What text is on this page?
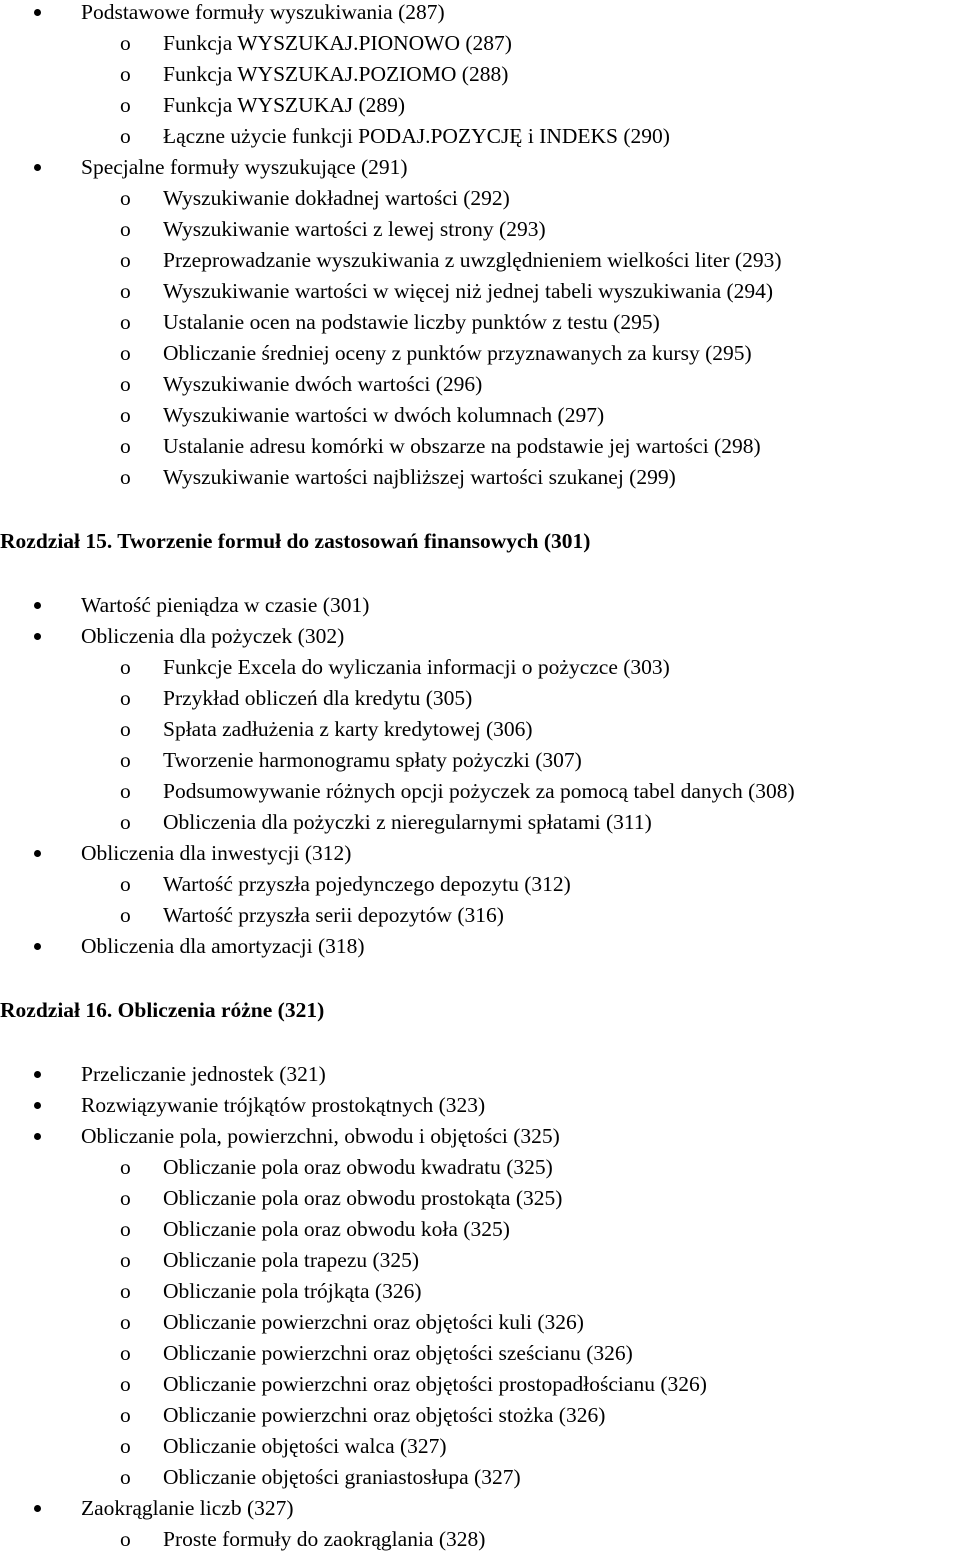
Podstawowe formuły wyszukiwania (287)
o Funkcja WYSZUKAJ.PIONOWO (287)
o Funkcja WYSZUKAJ.POZIOMO (288)
o Funkcja WYSZUKAJ (289)
o Łączne użycie funkcji PODAJ.POZYCJĘ i INDEKS (290)
Specjalne formuły wyszukujące (291)
o Wyszukiwanie dokładnej wartości (292)
o Wyszukiwanie wartości z lewej strony (293)
o Przeprowadzanie wyszukiwania z uwzględnieniem wielkości liter (293)
o Wyszukiwanie wartości w więcej niż jednej tabeli wyszukiwania (294)
o Ustalanie ocen na podstawie liczby punktów z testu (295)
o Obliczanie średniej oceny z punktów przyznawanych za kursy (295)
o Wyszukiwanie dwóch wartości (296)
o Wyszukiwanie wartości w dwóch kolumnach (297)
o Ustalanie adresu komórki w obszarze na podstawie jej wartości (298)
o Wyszukiwanie wartości najbliższej wartości szukanej (299)
Rozdział 15. Tworzenie formuł do zastosowań finansowych (301)
Wartość pieniądza w czasie (301)
Obliczenia dla pożyczek (302)
o Funkcje Excela do wyliczania informacji o pożyczce (303)
o Przykład obliczeń dla kredytu (305)
o Spłata zadłużenia z karty kredytowej (306)
o Tworzenie harmonogramu spłaty pożyczki (307)
o Podsumowywanie różnych opcji pożyczek za pomocą tabel danych (308)
o Obliczenia dla pożyczki z nieregularnymi spłatami (311)
Obliczenia dla inwestycji (312)
o Wartość przyszła pojedynczego depozytu (312)
o Wartość przyszła serii depozytów (316)
Obliczenia dla amortyzacji (318)
Rozdział 16. Obliczenia różne (321)
Przeliczanie jednostek (321)
Rozwiązywanie trójkątów prostokątnych (323)
Obliczanie pola, powierzchni, obwodu i objętości (325)
o Obliczanie pola oraz obwodu kwadratu (325)
o Obliczanie pola oraz obwodu prostokąta (325)
o Obliczanie pola oraz obwodu koła (325)
o Obliczanie pola trapezu (325)
o Obliczanie pola trójkąta (326)
o Obliczanie powierzchni oraz objętości kuli (326)
o Obliczanie powierzchni oraz objętości sześcianu (326)
o Obliczanie powierzchni oraz objętości prostopadłościanu (326)
o Obliczanie powierzchni oraz objętości stożka (326)
o Obliczanie objętości walca (327)
o Obliczanie objętości graniastosłupa (327)
Zaokrąglanie liczb (327)
o Proste formuły do zaokrąglania (328)
